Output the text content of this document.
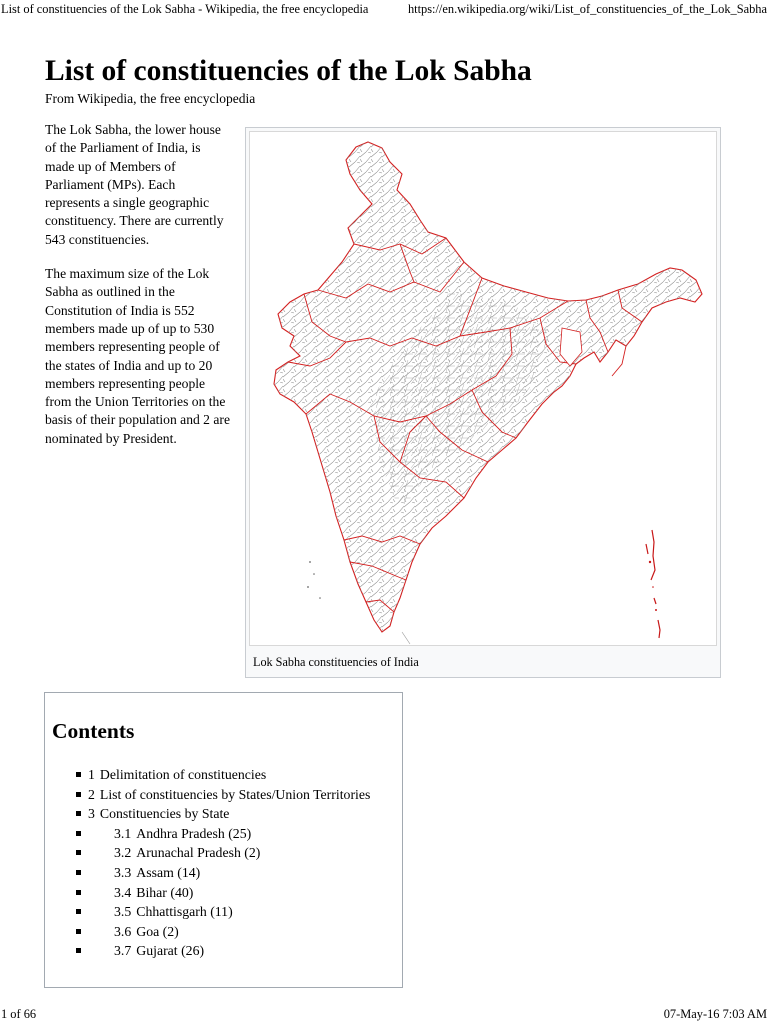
List of constituencies of the Lok Sabha - Wikipedia, the free encyclopedia	https://en.wikipedia.org/wiki/List_of_constituencies_of_the_Lok_Sabha
List of constituencies of the Lok Sabha
From Wikipedia, the free encyclopedia

The Lok Sabha, the lower house of the Parliament of India, is made up of Members of Parliament (MPs). Each represents a single geographic constituency. There are currently 543 constituencies.

The maximum size of the Lok Sabha as outlined in the Constitution of India is 552 members made up of up to 530 members representing people of the states of India and up to 20 members representing people from the Union Territories on the basis of their population and 2 are nominated by President.

Lok Sabha constituencies of India
Contents
1 Delimitation of constituencies
2 List of constituencies by States/Union Territories
3 Constituencies by State
3.1 Andhra Pradesh (25)
3.2 Arunachal Pradesh (2)
3.3 Assam (14)
3.4 Bihar (40)
3.5 Chhattisgarh (11)
3.6 Goa (2)
3.7 Gujarat (26)
1 of 66	07-May-16 7:03 AM
